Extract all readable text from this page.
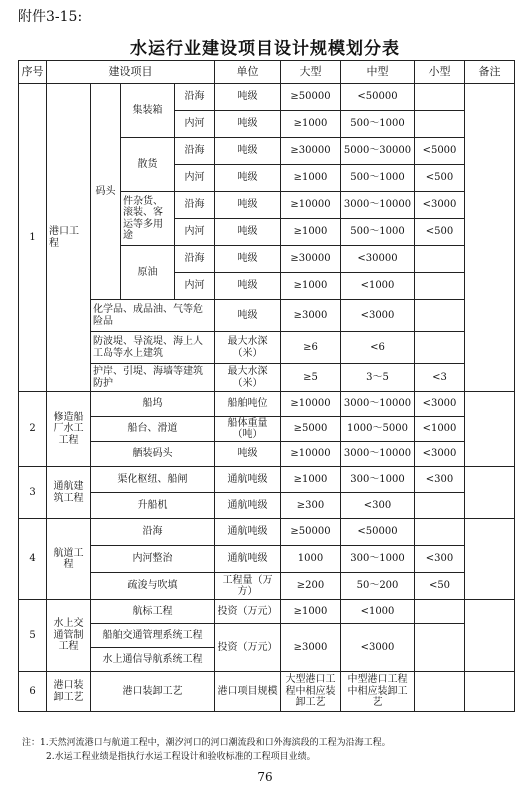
附件3-15:
水运行业建设项目设计规模划分表
序号	建设项目				单位	大型	中型	小型	备注
1	港口工程	码头	集装箱	沿海	吨级	≥50000	<50000		
				内河	吨级	≥1000	500～1000		
			散货	沿海	吨级	≥30000	5000～30000	<5000	
				内河	吨级	≥1000	500～1000	<500	
			件杂货、滚装、客运等多用途	沿海	吨级	≥10000	3000～10000	<3000	
				内河	吨级	≥1000	500～1000	<500	
			原油	沿海	吨级	≥30000	<30000		
				内河	吨级	≥1000	<1000		
		化学品、成品油、气等危险品			吨级	≥3000	<3000		
		防波堤、导流堤、海上人工岛等水上建筑			最大水深（米）	≥6	<6		
		护岸、引堤、海墙等建筑防护			最大水深（米）	≥5	3～5	<3	
2	修造船厂水工工程	船坞			船舶吨位	≥10000	3000～10000	<3000	
		船台、滑道			船体重量（吨）	≥5000	1000～5000	<1000	
		舾装码头			吨级	≥10000	3000～10000	<3000	
3	通航建筑工程	渠化枢纽、船闸			通航吨级	≥1000	300～1000	<300	
		升船机			通航吨级	≥300	<300		
4	航道工程	沿海			通航吨级	≥50000	<50000		
		内河整治			通航吨级	1000	300～1000	<300	
		疏浚与吹填			工程量（万方）	≥200	50～200	<50	
5	水上交通管制工程	航标工程			投资（万元）	≥1000	<1000		
		船舶交通管理系统工程			投资（万元）	≥3000	<3000		
		水上通信导航系统工程							
6	港口装卸工艺	港口装卸工艺			港口项目规模	大型港口工程中相应装卸工艺	中型港口工程中相应装卸工艺		
注：1.天然河流港口与航道工程中，潮汐河口的河口潮流段和口外海滨段的工程为沿海工程。
2.水运工程业绩是指执行水运工程设计和验收标准的工程项目业绩。
76
